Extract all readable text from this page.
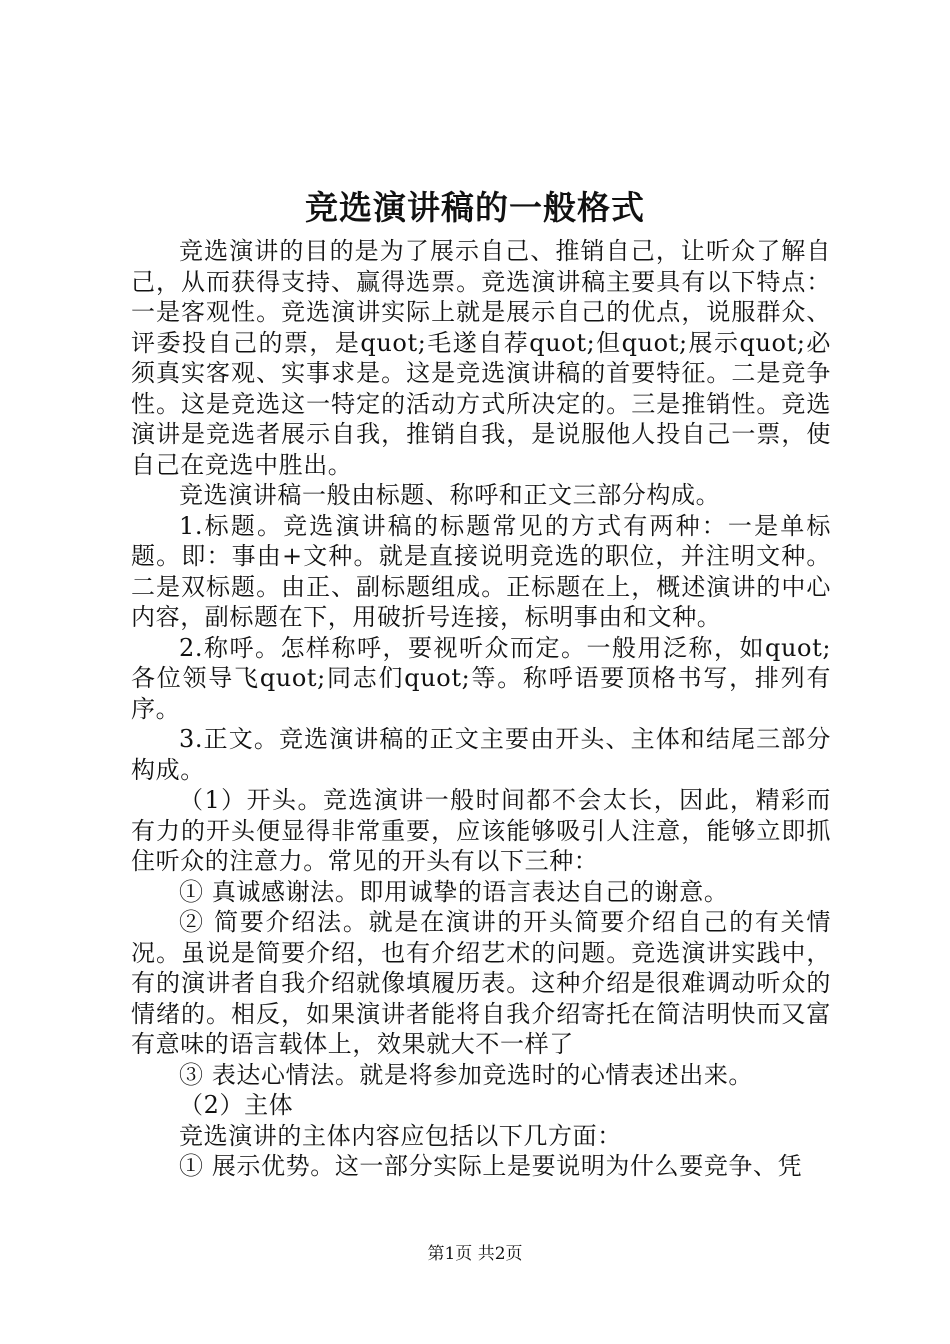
竞选演讲稿的一般格式

竞选演讲的目的是为了展示自己、推销自己，让听众了解自己，从而获得支持、赢得选票。竞选演讲稿主要具有以下特点：一是客观性。竞选演讲实际上就是展示自己的优点，说服群众、评委投自己的票，是quot;毛遂自荐quot;但quot;展示quot;必须真实客观、实事求是。这是竞选演讲稿的首要特征。二是竞争性。这是竞选这一特定的活动方式所决定的。三是推销性。竞选演讲是竞选者展示自我，推销自我，是说服他人投自己一票，使自己在竞选中胜出。

竞选演讲稿一般由标题、称呼和正文三部分构成。

1.标题。竞选演讲稿的标题常见的方式有两种：一是单标题。即：事由+文种。就是直接说明竞选的职位，并注明文种。二是双标题。由正、副标题组成。正标题在上，概述演讲的中心内容，副标题在下，用破折号连接，标明事由和文种。

2.称呼。怎样称呼，要视听众而定。一般用泛称，如quot;各位领导飞quot;同志们quot;等。称呼语要顶格书写，排列有序。

3.正文。竞选演讲稿的正文主要由开头、主体和结尾三部分构成。

（1）开头。竞选演讲一般时间都不会太长，因此，精彩而有力的开头便显得非常重要，应该能够吸引人注意，能够立即抓住听众的注意力。常见的开头有以下三种：

① 真诚感谢法。即用诚挚的语言表达自己的谢意。

② 简要介绍法。就是在演讲的开头简要介绍自己的有关情况。虽说是简要介绍，也有介绍艺术的问题。竞选演讲实践中，有的演讲者自我介绍就像填履历表。这种介绍是很难调动听众的情绪的。相反，如果演讲者能将自我介绍寄托在简洁明快而又富有意味的语言载体上，效果就大不一样了

③ 表达心情法。就是将参加竞选时的心情表述出来。

（2）主体

竞选演讲的主体内容应包括以下几方面：

① 展示优势。这一部分实际上是要说明为什么要竞争、凭

第1页 共2页
